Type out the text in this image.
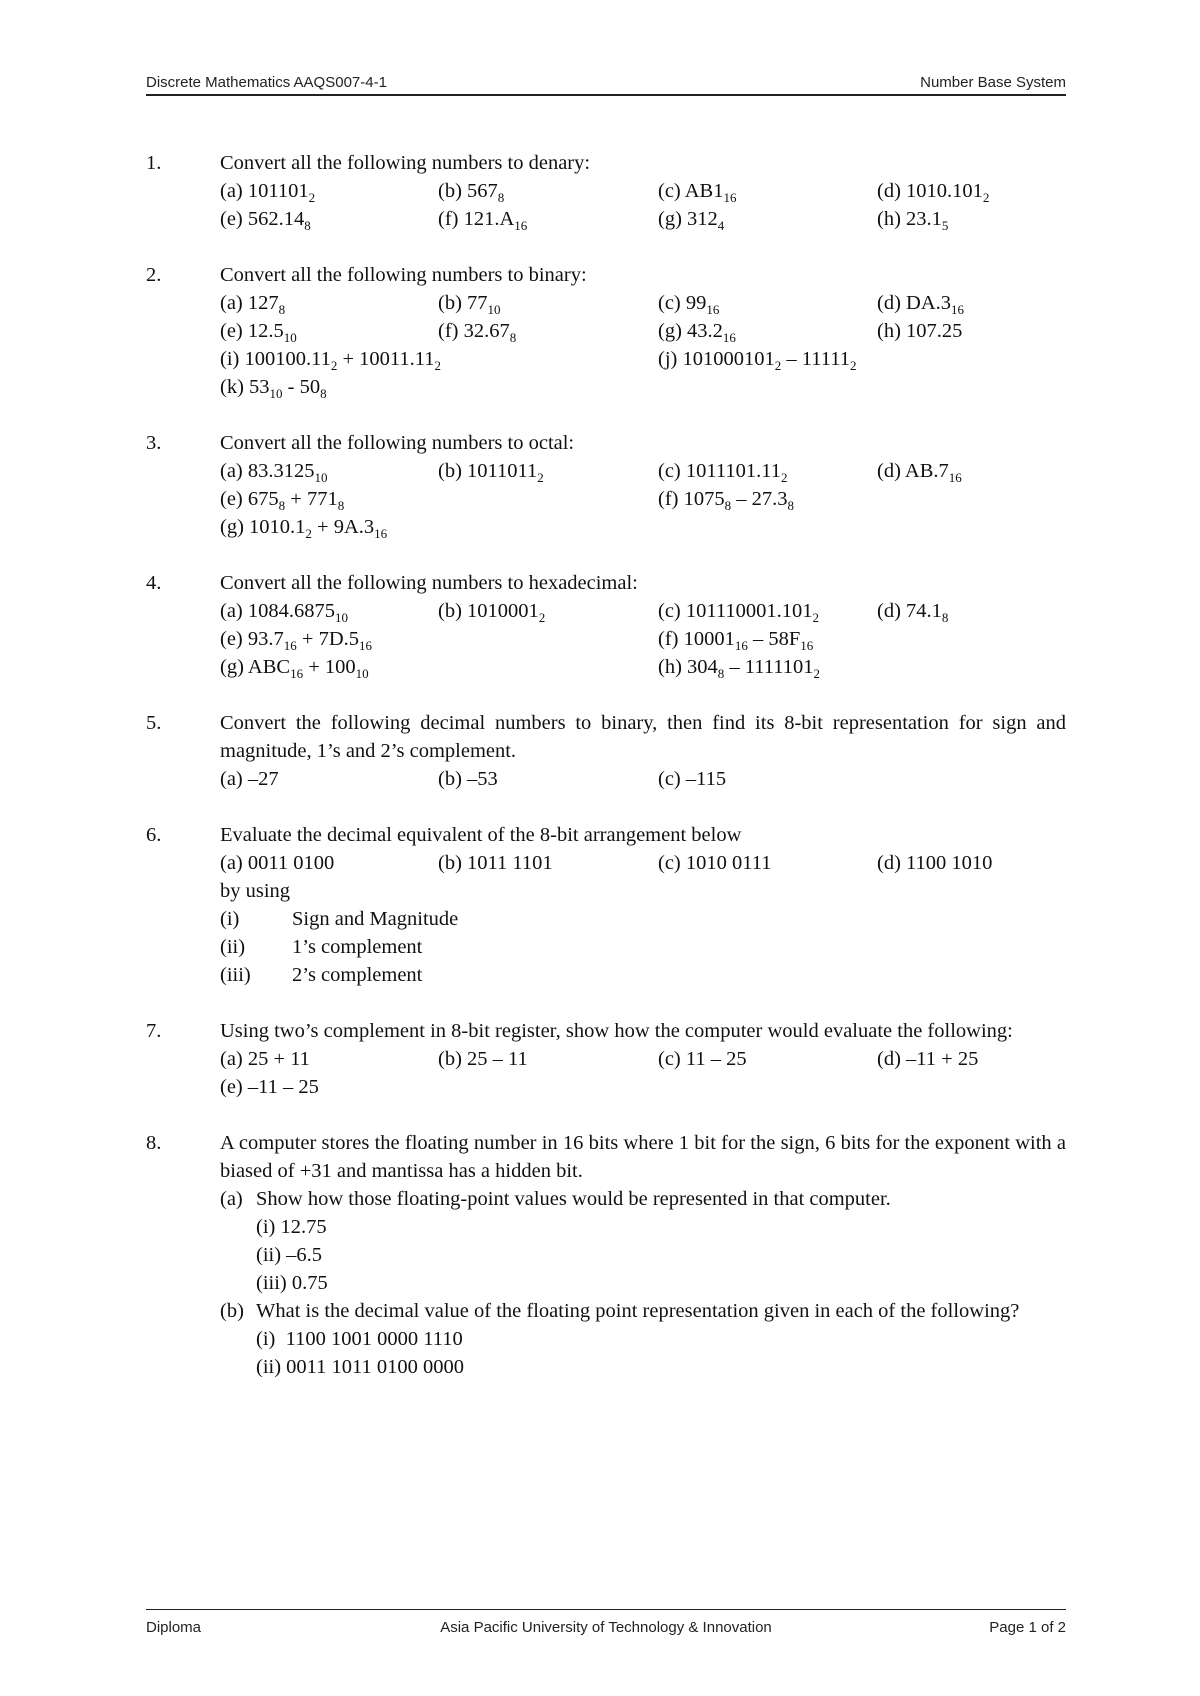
Discrete Mathematics AAQS007-4-1	Number Base System
1.	Convert all the following numbers to denary:
(a) $101101_2$	(b) $567_8$	(c) $AB1_{16}$	(d) $1010.101_2$
(e) $562.14_8$	(f) $121.A_{16}$	(g) $312_4$	(h) $23.1_5$
2.	Convert all the following numbers to binary:
(a) $127_8$	(b) $77_{10}$	(c) $99_{16}$	(d) $DA.3_{16}$
(e) $12.5_{10}$	(f) $32.67_8$	(g) $43.2_{16}$	(h) 107.25
(i) $100100.11_2 + 10011.11_2$	(j) $101000101_2 - 11111_2$
(k) $53_{10} - 50_8$
3.	Convert all the following numbers to octal:
(a) $83.3125_{10}$	(b) $1011011_2$	(c) $1011101.11_2$	(d) $AB.7_{16}$
(e) $675_8 + 771_8$	(f) $1075_8 - 27.3_8$
(g) $1010.1_2 + 9A.3_{16}$
4.	Convert all the following numbers to hexadecimal:
(a) $1084.6875_{10}$	(b) $1010001_2$	(c) $101110001.101_2$	(d) $74.1_8$
(e) $93.7_{16} + 7D.5_{16}$	(f) $10001_{16} - 58F_{16}$
(g) $ABC_{16} + 100_{10}$	(h) $304_8 - 1111101_2$
5.	Convert the following decimal numbers to binary, then find its 8-bit representation for sign and magnitude, 1’s and 2’s complement.
(a) –27	(b) –53	(c) –115
6.	Evaluate the decimal equivalent of the 8-bit arrangement below
(a) 0011 0100	(b) 1011 1101	(c) 1010 0111	(d) 1100 1010
by using
(i)	Sign and Magnitude
(ii) 1’s complement
(iii) 2’s complement
7.	Using two’s complement in 8-bit register, show how the computer would evaluate the following:
(a) 25 + 11	(b) 25 – 11	(c) 11 – 25	(d) –11 + 25
(e) –11 – 25
8.	A computer stores the floating number in 16 bits where 1 bit for the sign, 6 bits for the exponent with a biased of +31 and mantissa has a hidden bit.
(a) Show how those floating-point values would be represented in that computer.
(i) 12.75
(ii) –6.5
(iii) 0.75
(b) What is the decimal value of the floating point representation given in each of the following?
(i)  1100 1001 0000 1110
(ii) 0011 1011 0100 0000
Diploma	Asia Pacific University of Technology & Innovation	Page 1 of 2
